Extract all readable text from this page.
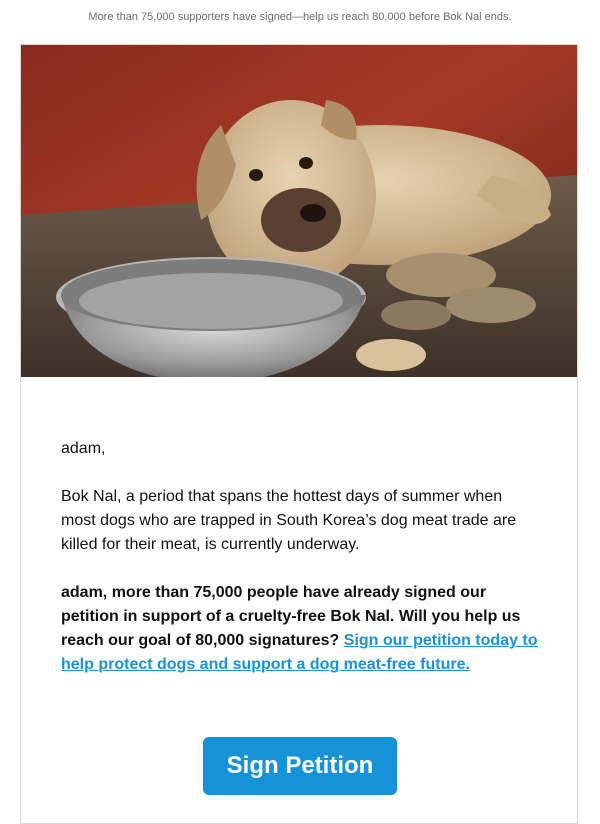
More than 75,000 supporters have signed—help us reach 80,000 before Bok Nal ends.

adam,

Bok Nal, a period that spans the hottest days of summer when most dogs who are trapped in South Korea’s dog meat trade are killed for their meat, is currently underway.

adam, more than 75,000 people have already signed our petition in support of a cruelty-free Bok Nal. Will you help us reach our goal of 80,000 signatures? Sign our petition today to help protect dogs and support a dog meat-free future.

Sign Petition
